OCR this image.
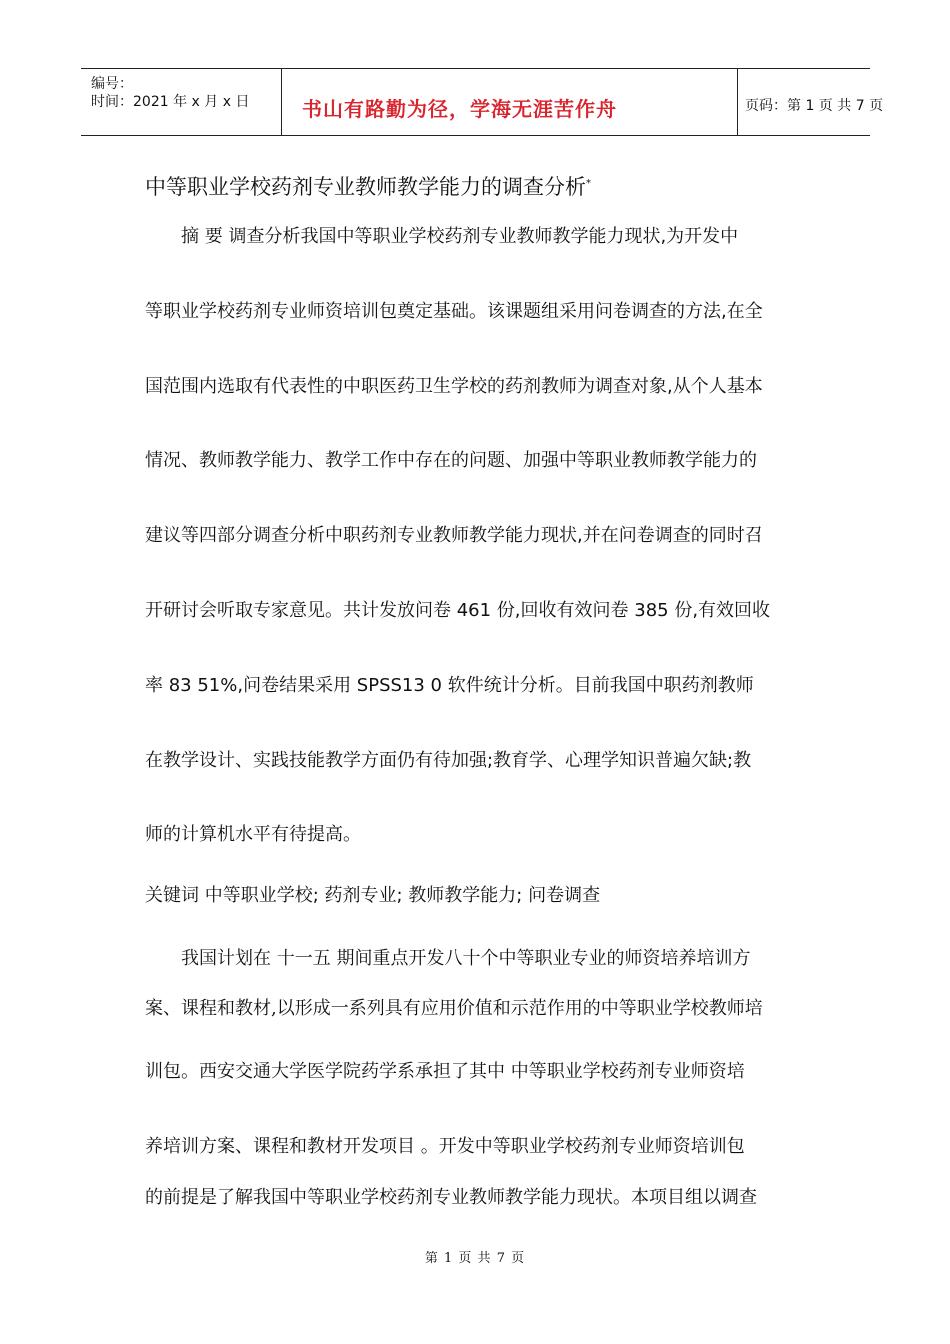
编号：
时间：2021 年 x 月 x 日	书山有路勤为径，学海无涯苦作舟	页码：第 1 页 共 7 页
中等职业学校药剂专业教师教学能力的调查分析*
摘 要 调查分析我国中等职业学校药剂专业教师教学能力现状,为开发中
等职业学校药剂专业师资培训包奠定基础。该课题组采用问卷调查的方法,在全
国范围内选取有代表性的中职医药卫生学校的药剂教师为调查对象,从个人基本
情况、教师教学能力、教学工作中存在的问题、加强中等职业教师教学能力的
建议等四部分调查分析中职药剂专业教师教学能力现状,并在问卷调查的同时召
开研讨会听取专家意见。共计发放问卷 461 份,回收有效问卷 385 份,有效回收
率 83 51%,问卷结果采用 SPSS13 0 软件统计分析。目前我国中职药剂教师
在教学设计、实践技能教学方面仍有待加强;教育学、心理学知识普遍欠缺;教
师的计算机水平有待提高。
关键词 中等职业学校; 药剂专业; 教师教学能力; 问卷调查
我国计划在 十一五 期间重点开发八十个中等职业专业的师资培养培训方
案、课程和教材,以形成一系列具有应用价值和示范作用的中等职业学校教师培
训包。西安交通大学医学院药学系承担了其中 中等职业学校药剂专业师资培
养培训方案、课程和教材开发项目 。开发中等职业学校药剂专业师资培训包
的前提是了解我国中等职业学校药剂专业教师教学能力现状。本项目组以调查
第 1 页 共 7 页
